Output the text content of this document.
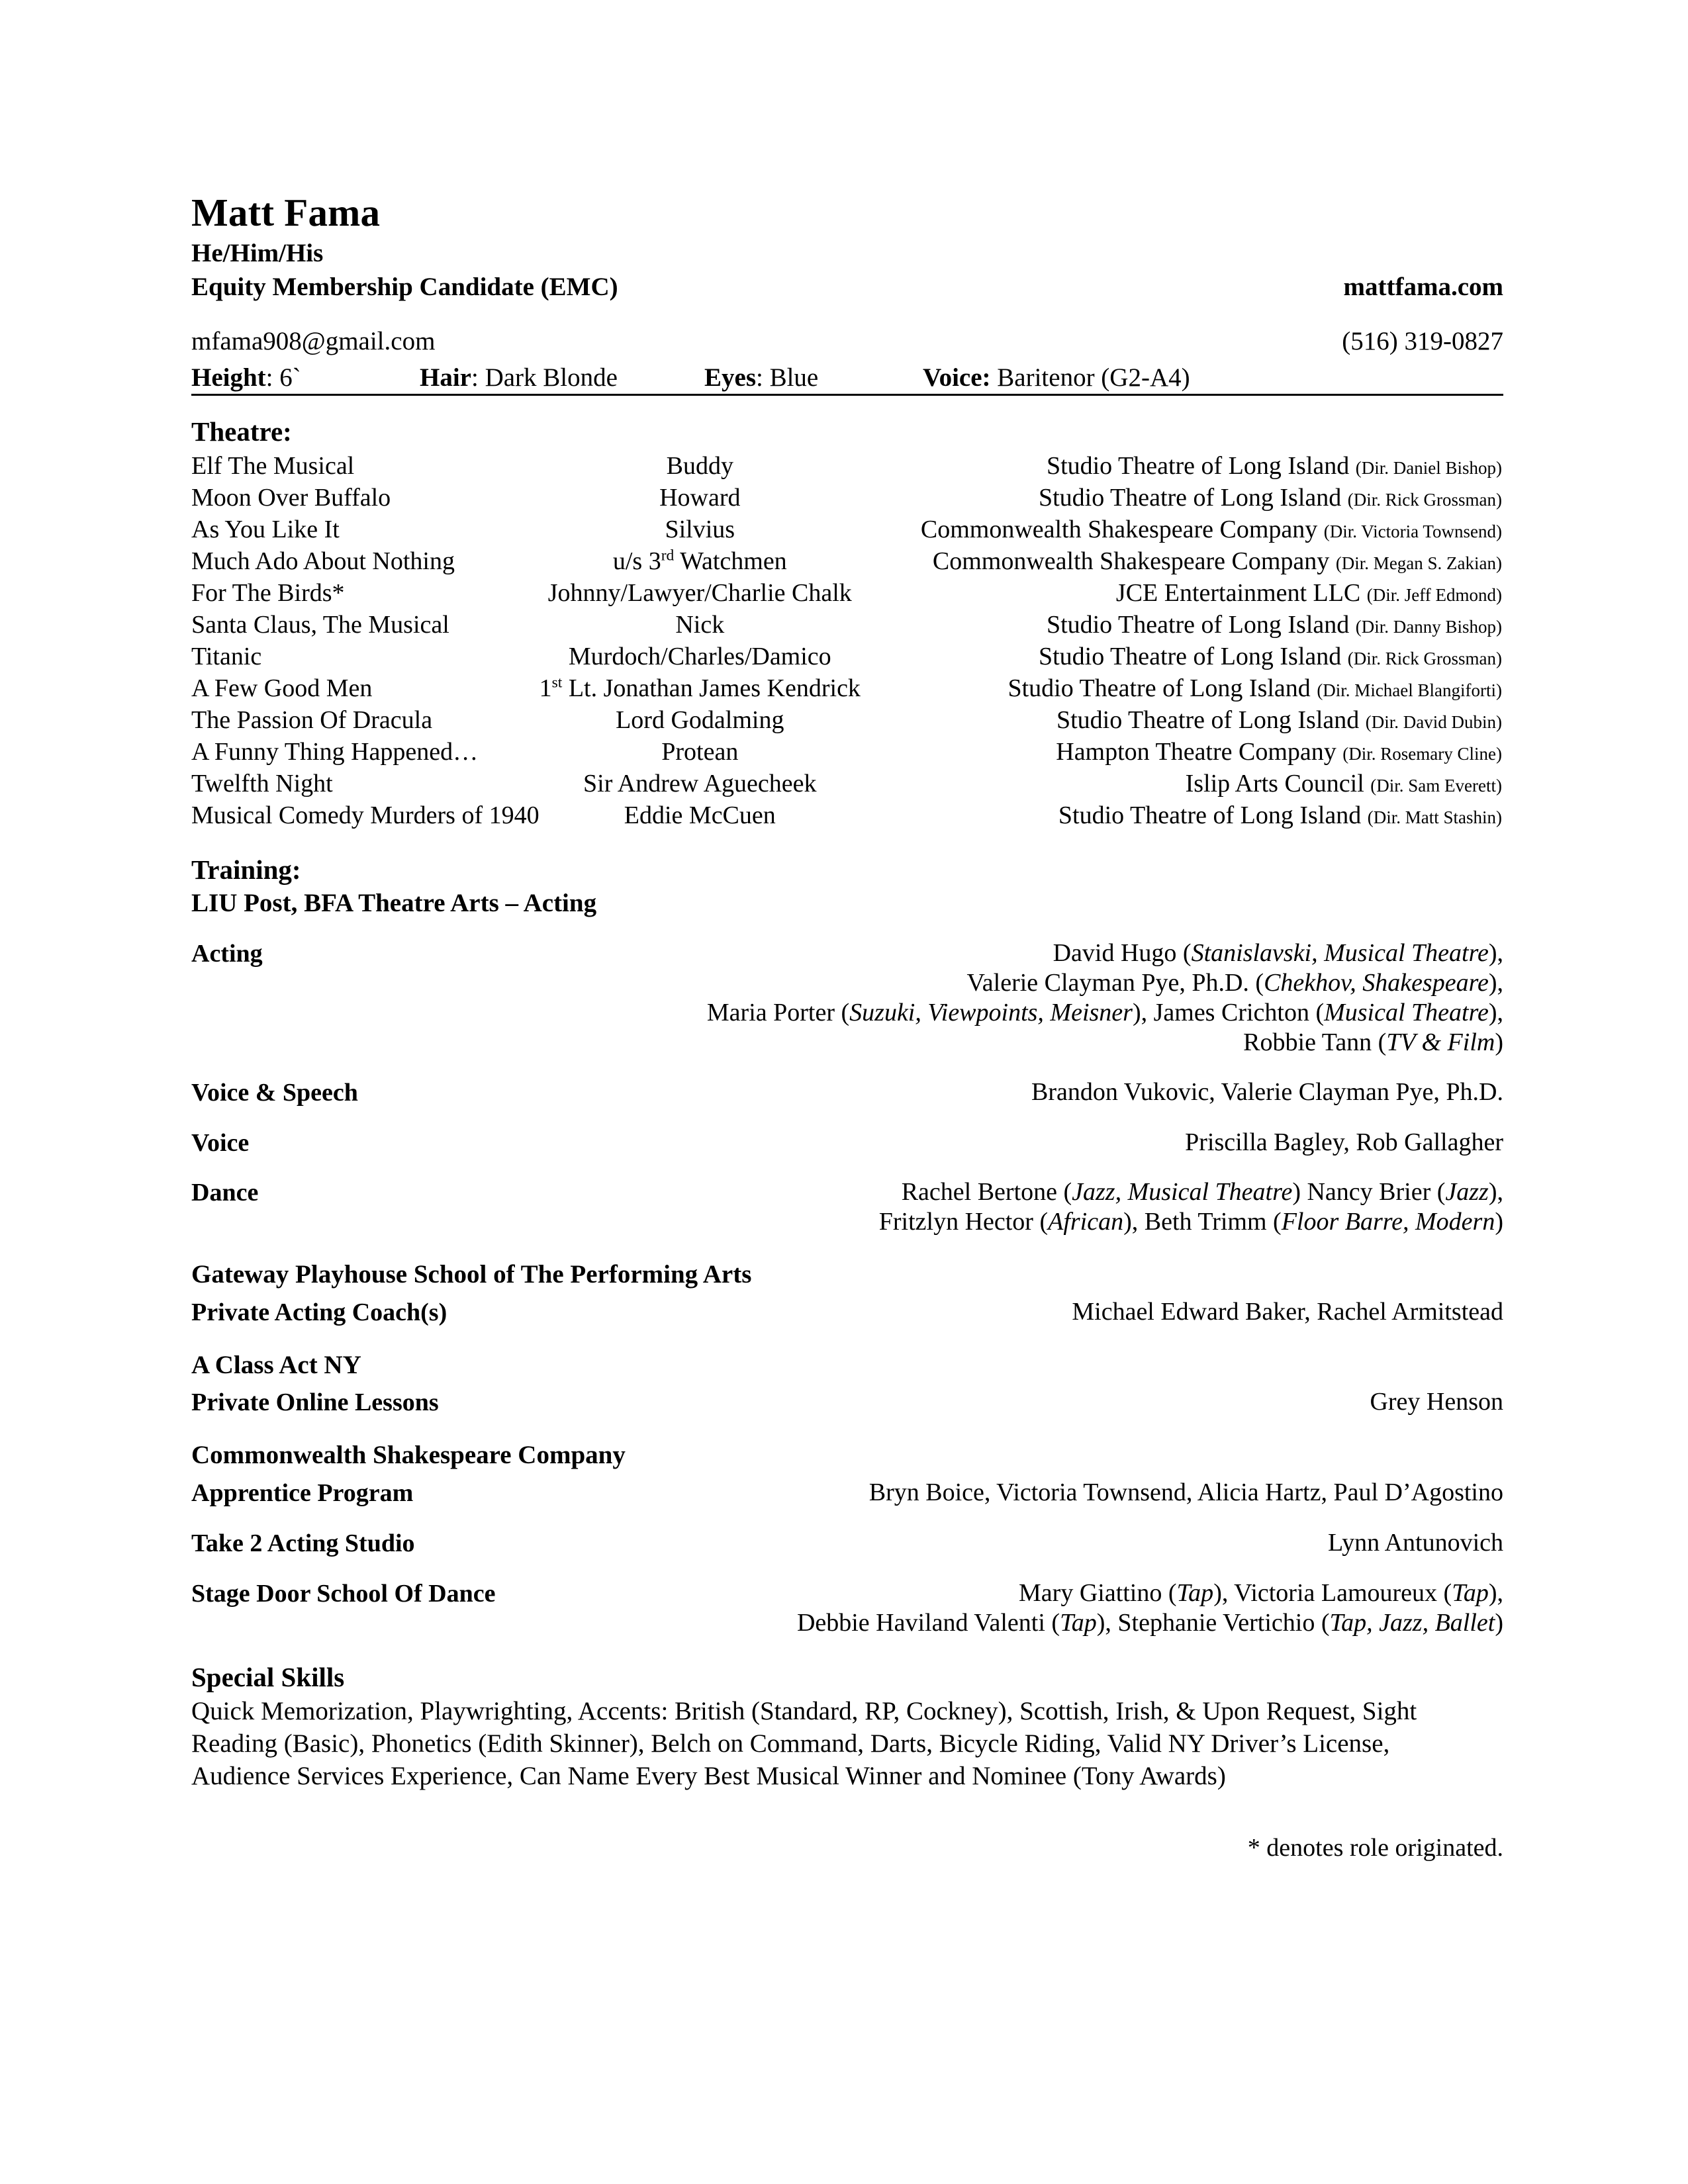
Matt Fama
He/Him/His
Equity Membership Candidate (EMC)	mattfama.com
mfama908@gmail.com	(516) 319-0827
Height: 6`	Hair: Dark Blonde	Eyes: Blue	Voice: Baritenor (G2-A4)
Theatre:
Elf The Musical	Buddy	Studio Theatre of Long Island (Dir. Daniel Bishop)
Moon Over Buffalo	Howard	Studio Theatre of Long Island (Dir. Rick Grossman)
As You Like It	Silvius	Commonwealth Shakespeare Company (Dir. Victoria Townsend)
Much Ado About Nothing	u/s 3rd Watchmen	Commonwealth Shakespeare Company (Dir. Megan S. Zakian)
For The Birds*	Johnny/Lawyer/Charlie Chalk	JCE Entertainment LLC (Dir. Jeff Edmond)
Santa Claus, The Musical	Nick	Studio Theatre of Long Island (Dir. Danny Bishop)
Titanic	Murdoch/Charles/Damico	Studio Theatre of Long Island (Dir. Rick Grossman)
A Few Good Men	1st Lt. Jonathan James Kendrick	Studio Theatre of Long Island (Dir. Michael Blangiforti)
The Passion Of Dracula	Lord Godalming	Studio Theatre of Long Island (Dir. David Dubin)
A Funny Thing Happened…	Protean	Hampton Theatre Company (Dir. Rosemary Cline)
Twelfth Night	Sir Andrew Aguecheek	Islip Arts Council (Dir. Sam Everett)
Musical Comedy Murders of 1940	Eddie McCuen	Studio Theatre of Long Island (Dir. Matt Stashin)
Training:
LIU Post, BFA Theatre Arts – Acting
Acting	David Hugo (Stanislavski, Musical Theatre),
Valerie Clayman Pye, Ph.D. (Chekhov, Shakespeare),
Maria Porter (Suzuki, Viewpoints, Meisner), James Crichton (Musical Theatre),
Robbie Tann (TV & Film)
Voice & Speech	Brandon Vukovic, Valerie Clayman Pye, Ph.D.
Voice	Priscilla Bagley, Rob Gallagher
Dance	Rachel Bertone (Jazz, Musical Theatre) Nancy Brier (Jazz),
Fritzlyn Hector (African), Beth Trimm (Floor Barre, Modern)
Gateway Playhouse School of The Performing Arts
Private Acting Coach(s)	Michael Edward Baker, Rachel Armitstead
A Class Act NY
Private Online Lessons	Grey Henson
Commonwealth Shakespeare Company
Apprentice Program	Bryn Boice, Victoria Townsend, Alicia Hartz, Paul D’Agostino
Take 2 Acting Studio	Lynn Antunovich
Stage Door School Of Dance	Mary Giattino (Tap), Victoria Lamoureux (Tap),
Debbie Haviland Valenti (Tap), Stephanie Vertichio (Tap, Jazz, Ballet)
Special Skills
Quick Memorization, Playwrighting, Accents: British (Standard, RP, Cockney), Scottish, Irish, & Upon Request, Sight Reading (Basic), Phonetics (Edith Skinner), Belch on Command, Darts, Bicycle Riding, Valid NY Driver’s License, Audience Services Experience, Can Name Every Best Musical Winner and Nominee (Tony Awards)
* denotes role originated.
